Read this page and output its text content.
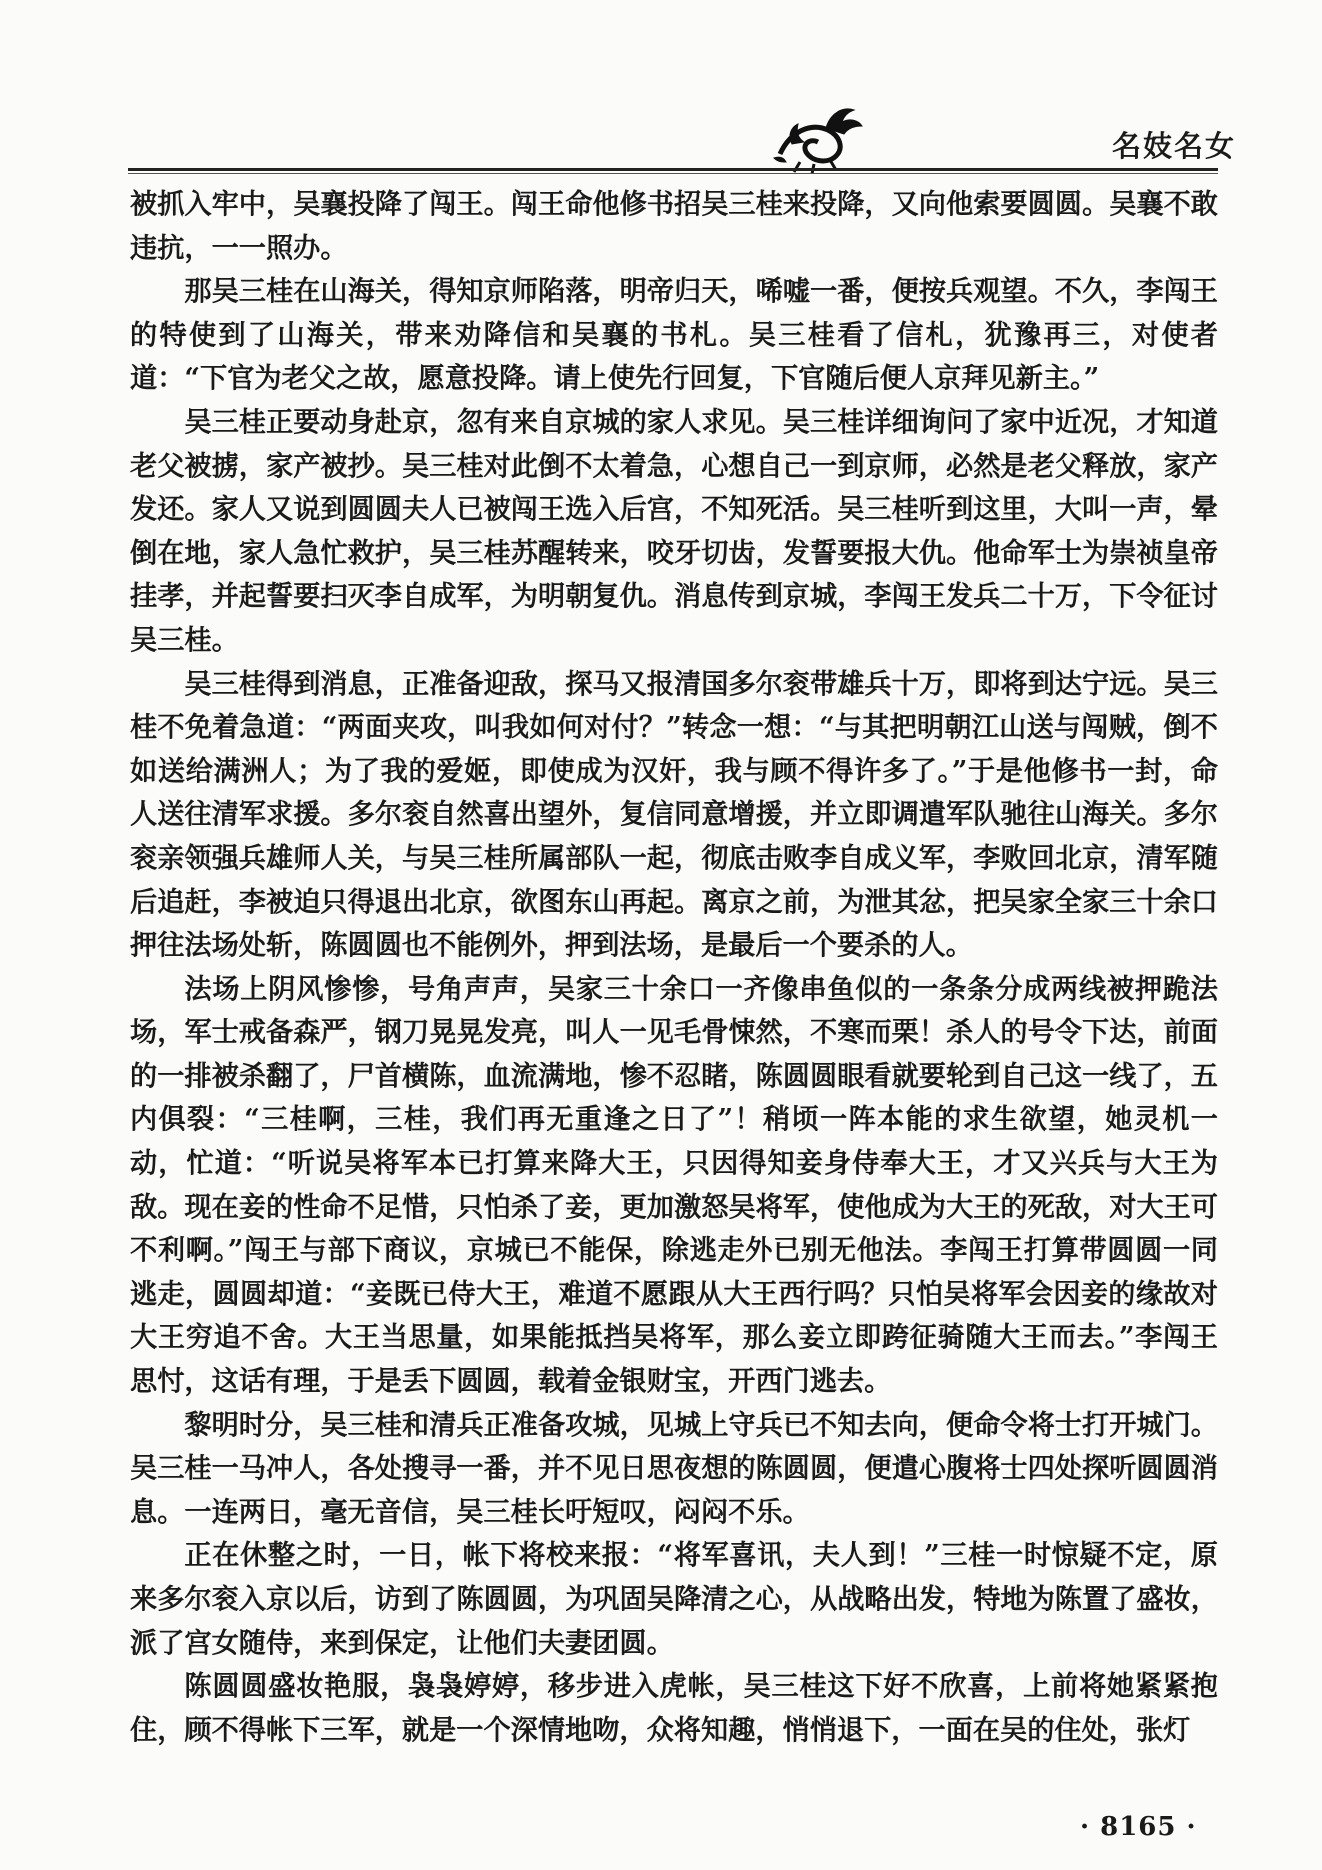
名妓名女

被抓入牢中，吴襄投降了闯王。闯王命他修书招吴三桂来投降，又向他索要圆圆。吴襄不敢违抗，一一照办。

那吴三桂在山海关，得知京师陷落，明帝归天，唏嘘一番，便按兵观望。不久，李闯王的特使到了山海关，带来劝降信和吴襄的书札。吴三桂看了信札，犹豫再三，对使者道：“下官为老父之故，愿意投降。请上使先行回复，下官随后便人京拜见新主。”

吴三桂正要动身赴京，忽有来自京城的家人求见。吴三桂详细询问了家中近况，才知道老父被掳，家产被抄。吴三桂对此倒不太着急，心想自己一到京师，必然是老父释放，家产发还。家人又说到圆圆夫人已被闯王选入后宫，不知死活。吴三桂听到这里，大叫一声，晕倒在地，家人急忙救护，吴三桂苏醒转来，咬牙切齿，发誓要报大仇。他命军士为崇祯皇帝挂孝，并起誓要扫灭李自成军，为明朝复仇。消息传到京城，李闯王发兵二十万，下令征讨吴三桂。

吴三桂得到消息，正准备迎敌，探马又报清国多尔衮带雄兵十万，即将到达宁远。吴三桂不免着急道：“两面夹攻，叫我如何对付？”转念一想：“与其把明朝江山送与闯贼，倒不如送给满洲人；为了我的爱姬，即使成为汉奸，我与顾不得许多了。”于是他修书一封，命人送往清军求援。多尔衮自然喜出望外，复信同意增援，并立即调遣军队驰往山海关。多尔衮亲领强兵雄师人关，与吴三桂所属部队一起，彻底击败李自成义军，李败回北京，清军随后追赶，李被迫只得退出北京，欲图东山再起。离京之前，为泄其忿，把吴家全家三十余口押往法场处斩，陈圆圆也不能例外，押到法场，是最后一个要杀的人。

法场上阴风惨惨，号角声声，吴家三十余口一齐像串鱼似的一条条分成两线被押跪法场，军士戒备森严，钢刀晃晃发亮，叫人一见毛骨悚然，不寒而栗！杀人的号令下达，前面的一排被杀翻了，尸首横陈，血流满地，惨不忍睹，陈圆圆眼看就要轮到自己这一线了，五内俱裂：“三桂啊，三桂，我们再无重逢之日了”！稍顷一阵本能的求生欲望，她灵机一动，忙道：“听说吴将军本已打算来降大王，只因得知妾身侍奉大王，才又兴兵与大王为敌。现在妾的性命不足惜，只怕杀了妾，更加激怒吴将军，使他成为大王的死敌，对大王可不利啊。”闯王与部下商议，京城已不能保，除逃走外已别无他法。李闯王打算带圆圆一同逃走，圆圆却道：“妾既已侍大王，难道不愿跟从大王西行吗？只怕吴将军会因妾的缘故对大王穷追不舍。大王当思量，如果能抵挡吴将军，那么妾立即跨征骑随大王而去。”李闯王思忖，这话有理，于是丢下圆圆，载着金银财宝，开西门逃去。

黎明时分，吴三桂和清兵正准备攻城，见城上守兵已不知去向，便命令将士打开城门。吴三桂一马冲人，各处搜寻一番，并不见日思夜想的陈圆圆，便遣心腹将士四处探听圆圆消息。一连两日，毫无音信，吴三桂长吁短叹，闷闷不乐。

正在休整之时，一日，帐下将校来报：“将军喜讯，夫人到！”三桂一时惊疑不定，原来多尔衮入京以后，访到了陈圆圆，为巩固吴降清之心，从战略出发，特地为陈置了盛妆，派了宫女随侍，来到保定，让他们夫妻团圆。

陈圆圆盛妆艳服，袅袅婷婷，移步进入虎帐，吴三桂这下好不欣喜，上前将她紧紧抱住，顾不得帐下三军，就是一个深情地吻，众将知趣，悄悄退下，一面在吴的住处，张灯

· 8165 ·
